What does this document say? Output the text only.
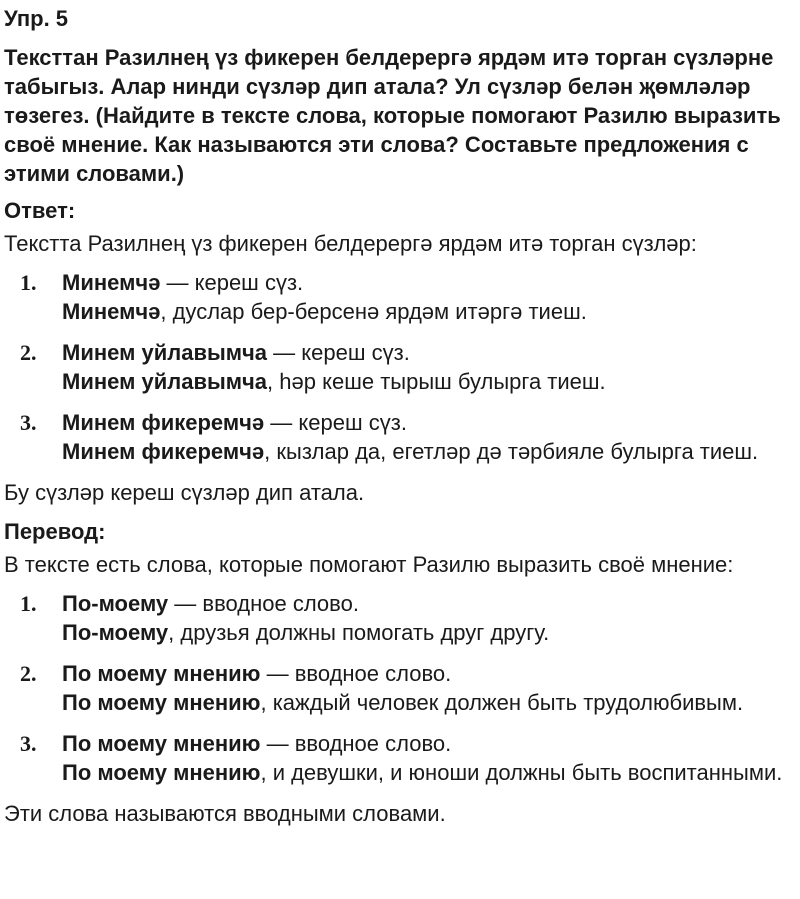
Упр. 5
Тексттан Разилнең үз фикерен белдерергә ярдәм итә торган сүзләрне табыгыз. Алар нинди сүзләр дип атала? Ул сүзләр белән җөмләләр төзегез. (Найдите в тексте слова, которые помогают Разилю выразить своё мнение. Как называются эти слова? Составьте предложения с этими словами.)
Ответ:
Текстта Разилнең үз фикерен белдерергә ярдәм итә торган сүзләр:
1. Минемчә — кереш сүз.
Минемчә, дуслар бер-берсенә ярдәм итәргә тиеш.
2. Минем уйлавымча — кереш сүз.
Минем уйлавымча, һәр кеше тырыш булырга тиеш.
3. Минем фикеремчә — кереш сүз.
Минем фикеремчә, кызлар да, егетләр дә тәрбияле булырга тиеш.
Бу сүзләр кереш сүзләр дип атала.
Перевод:
В тексте есть слова, которые помогают Разилю выразить своё мнение:
1. По-моему — вводное слово.
По-моему, друзья должны помогать друг другу.
2. По моему мнению — вводное слово.
По моему мнению, каждый человек должен быть трудолюбивым.
3. По моему мнению — вводное слово.
По моему мнению, и девушки, и юноши должны быть воспитанными.
Эти слова называются вводными словами.
